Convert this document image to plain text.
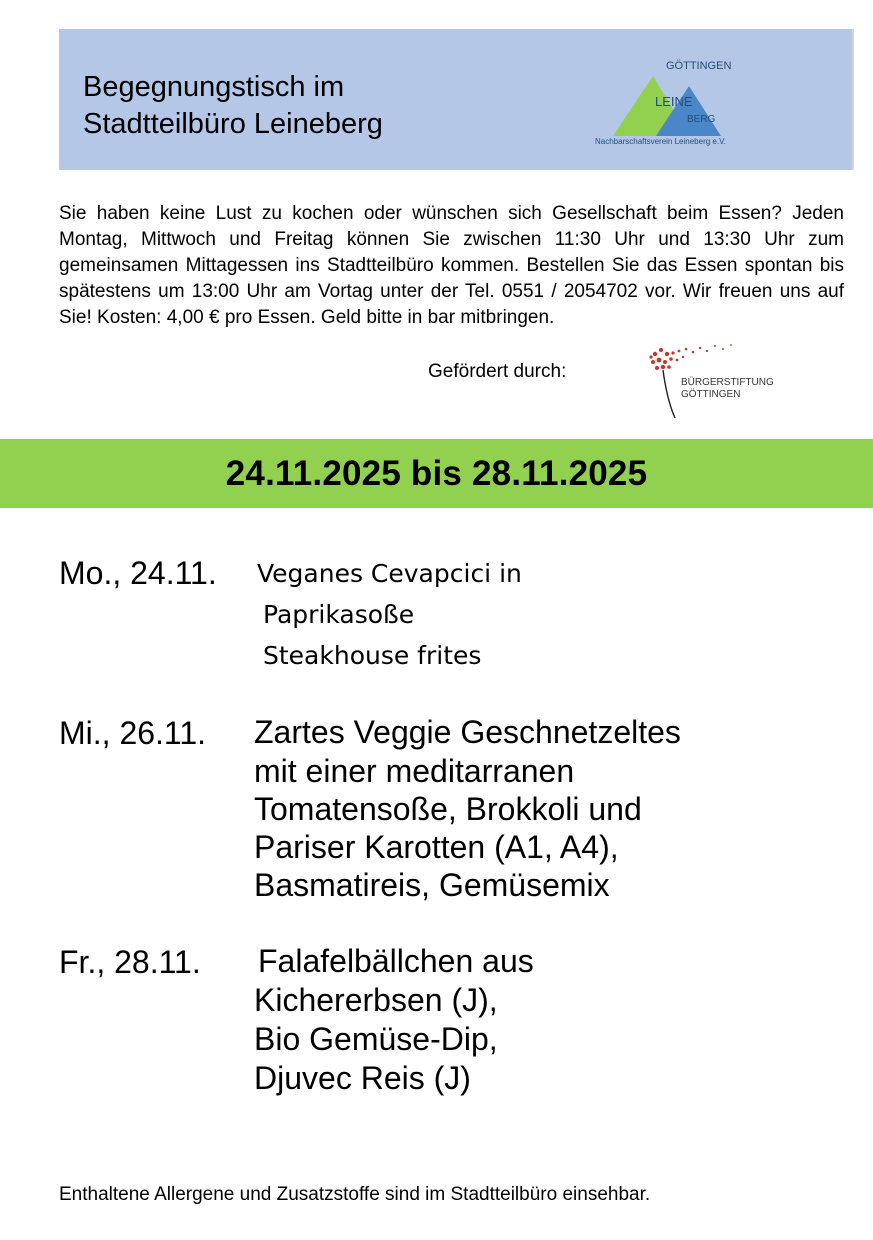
Begegnungstisch im
Stadtteilbüro Leineberg
GÖTTINGEN
LEINE
BERG
Nachbarschaftsverein Leineberg e.V.
Sie haben keine Lust zu kochen oder wünschen sich Gesellschaft beim Essen? Jeden Montag, Mittwoch und Freitag können Sie zwischen 11:30 Uhr und 13:30 Uhr zum gemeinsamen Mittagessen ins Stadtteilbüro kommen. Bestellen Sie das Essen spontan bis spätestens um 13:00 Uhr am Vortag unter der Tel. 0551 / 2054702 vor. Wir freuen uns auf Sie! Kosten: 4,00 € pro Essen. Geld bitte in bar mitbringen.
Gefördert durch:
BÜRGERSTIFTUNG
GÖTTINGEN
24.11.2025 bis 28.11.2025
Mo., 24.11. Veganes Cevapcici in
Paprikasoße
Steakhouse frites
Mi., 26.11. Zartes Veggie Geschnetzeltes
mit einer meditarranen
Tomatensoße, Brokkoli und
Pariser Karotten (A1, A4),
Basmatireis, Gemüsemix
Fr., 28.11. Falafelbällchen aus
Kichererbsen (J),
Bio Gemüse-Dip,
Djuvec Reis (J)
Enthaltene Allergene und Zusatzstoffe sind im Stadtteilbüro einsehbar.
